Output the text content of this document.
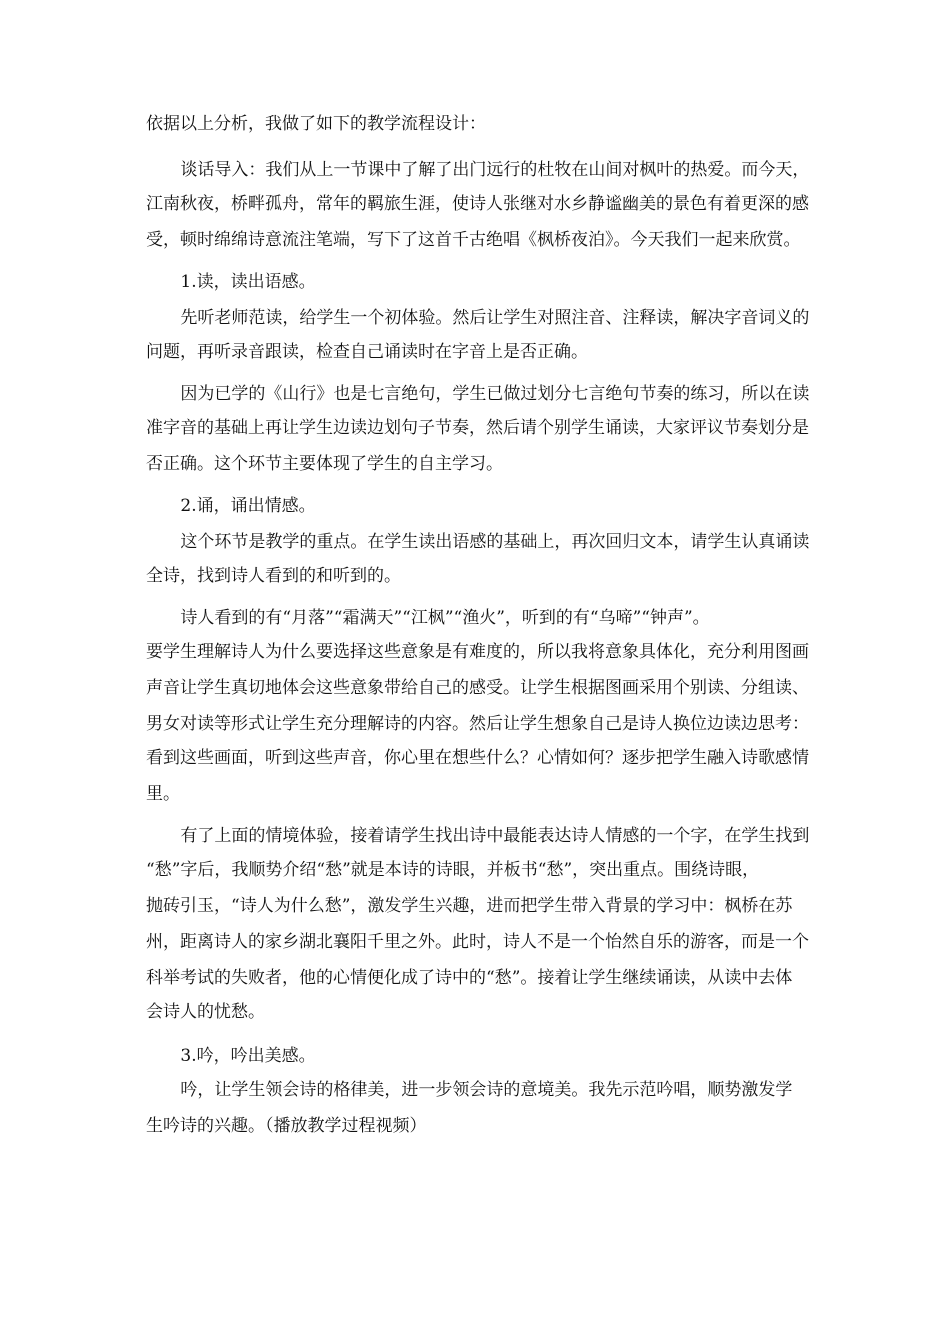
依据以上分析，我做了如下的教学流程设计：
谈话导入：我们从上一节课中了解了出门远行的杜牧在山间对枫叶的热爱。而今天，
江南秋夜，桥畔孤舟，常年的羁旅生涯，使诗人张继对水乡静谧幽美的景色有着更深的感
受，顿时绵绵诗意流注笔端，写下了这首千古绝唱《枫桥夜泊》。今天我们一起来欣赏。
1.读，读出语感。
先听老师范读，给学生一个初体验。然后让学生对照注音、注释读，解决字音词义的
问题，再听录音跟读，检查自己诵读时在字音上是否正确。
因为已学的《山行》也是七言绝句，学生已做过划分七言绝句节奏的练习，所以在读
准字音的基础上再让学生边读边划句子节奏，然后请个别学生诵读，大家评议节奏划分是
否正确。这个环节主要体现了学生的自主学习。
2.诵，诵出情感。
这个环节是教学的重点。在学生读出语感的基础上，再次回归文本，请学生认真诵读
全诗，找到诗人看到的和听到的。
诗人看到的有“月落”“霜满天”“江枫”“渔火”，听到的有“乌啼”“钟声”。
要学生理解诗人为什么要选择这些意象是有难度的，所以我将意象具体化，充分利用图画
声音让学生真切地体会这些意象带给自己的感受。让学生根据图画采用个别读、分组读、
男女对读等形式让学生充分理解诗的内容。然后让学生想象自己是诗人换位边读边思考：
看到这些画面，听到这些声音，你心里在想些什么？心情如何？逐步把学生融入诗歌感情
里。
有了上面的情境体验，接着请学生找出诗中最能表达诗人情感的一个字，在学生找到
“愁”字后，我顺势介绍“愁”就是本诗的诗眼，并板书“愁”，突出重点。围绕诗眼，
抛砖引玉，“诗人为什么愁”，激发学生兴趣，进而把学生带入背景的学习中：枫桥在苏
州，距离诗人的家乡湖北襄阳千里之外。此时，诗人不是一个怡然自乐的游客，而是一个
科举考试的失败者，他的心情便化成了诗中的“愁”。接着让学生继续诵读，从读中去体
会诗人的忧愁。
3.吟，吟出美感。
吟，让学生领会诗的格律美，进一步领会诗的意境美。我先示范吟唱，顺势激发学
生吟诗的兴趣。（播放教学过程视频）
